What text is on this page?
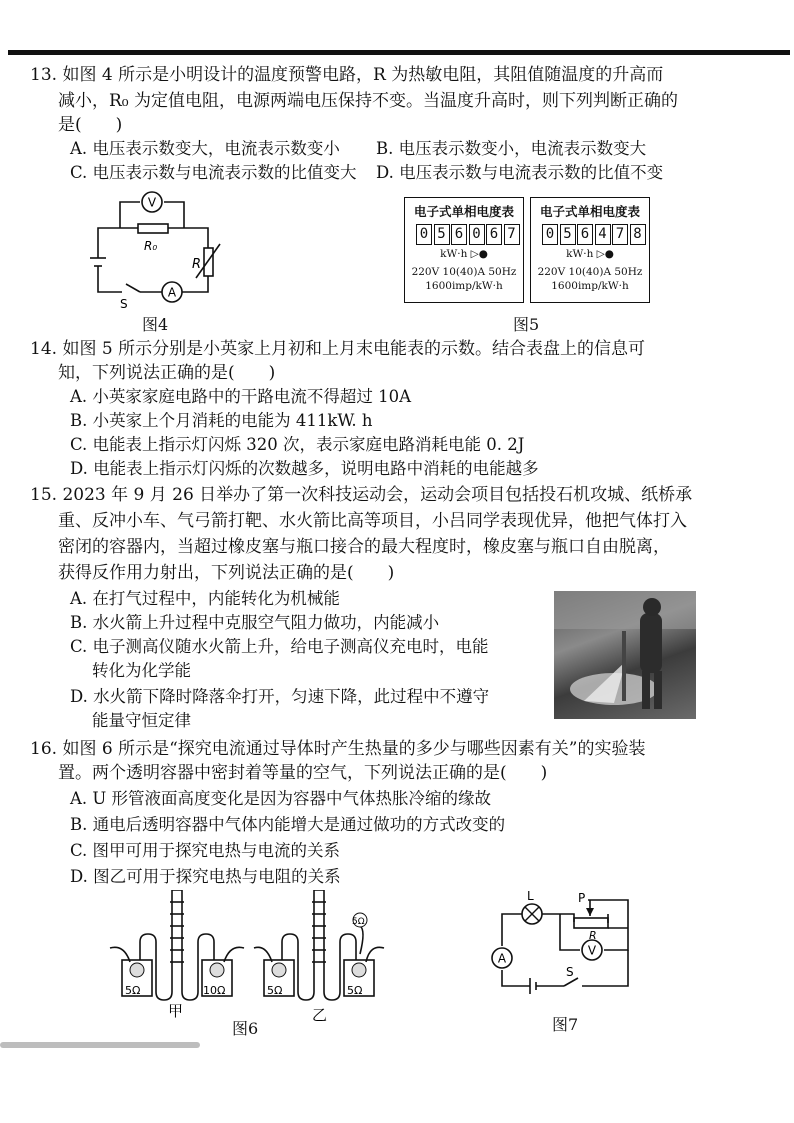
13. 如图 4 所示是小明设计的温度预警电路，R 为热敏电阻，其阻值随温度的升高而
减小，R₀ 为定值电阻，电源两端电压保持不变。当温度升高时，则下列判断正确的
是(　　)
A. 电压表示数变大，电流表示数变小 B. 电压表示数变小，电流表示数变大
C. 电压表示数与电流表示数的比值变大 D. 电压表示数与电流表示数的比值不变
V
A
R₀
R
S
图4
电子式单相电度表
0 5 6 0 6 7
kW·h ▷●
220V 10(40)A 50Hz
1600imp/kW·h
电子式单相电度表
0 5 6 4 7 8
kW·h ▷●
220V 10(40)A 50Hz
1600imp/kW·h
图5
14. 如图 5 所示分别是小英家上月初和上月末电能表的示数。结合表盘上的信息可
知，下列说法正确的是(　　)
A. 小英家家庭电路中的干路电流不得超过 10A
B. 小英家上个月消耗的电能为 411kW. h
C. 电能表上指示灯闪烁 320 次，表示家庭电路消耗电能 0. 2J
D. 电能表上指示灯闪烁的次数越多，说明电路中消耗的电能越多
15. 2023 年 9 月 26 日举办了第一次科技运动会，运动会项目包括投石机攻城、纸桥承
重、反冲小车、气弓箭打靶、水火箭比高等项目，小吕同学表现优异，他把气体打入
密闭的容器内，当超过橡皮塞与瓶口接合的最大程度时，橡皮塞与瓶口自由脱离，
获得反作用力射出，下列说法正确的是(　　)
A. 在打气过程中，内能转化为机械能
B. 水火箭上升过程中克服空气阻力做功，内能减小
C. 电子测高仪随水火箭上升，给电子测高仪充电时，电能
转化为化学能
D. 水火箭下降时降落伞打开，匀速下降，此过程中不遵守
能量守恒定律
16. 如图 6 所示是“探究电流通过导体时产生热量的多少与哪些因素有关”的实验装
置。两个透明容器中密封着等量的空气，下列说法正确的是(　　)
A. U 形管液面高度变化是因为容器中气体热胀冷缩的缘故
B. 通电后透明容器中气体内能增大是通过做功的方式改变的
C. 图甲可用于探究电热与电流的关系
D. 图乙可用于探究电热与电阻的关系
5Ω	10Ω	5Ω	5Ω
5Ω
甲	乙
图6
L	P
R
A
V
S
图7
